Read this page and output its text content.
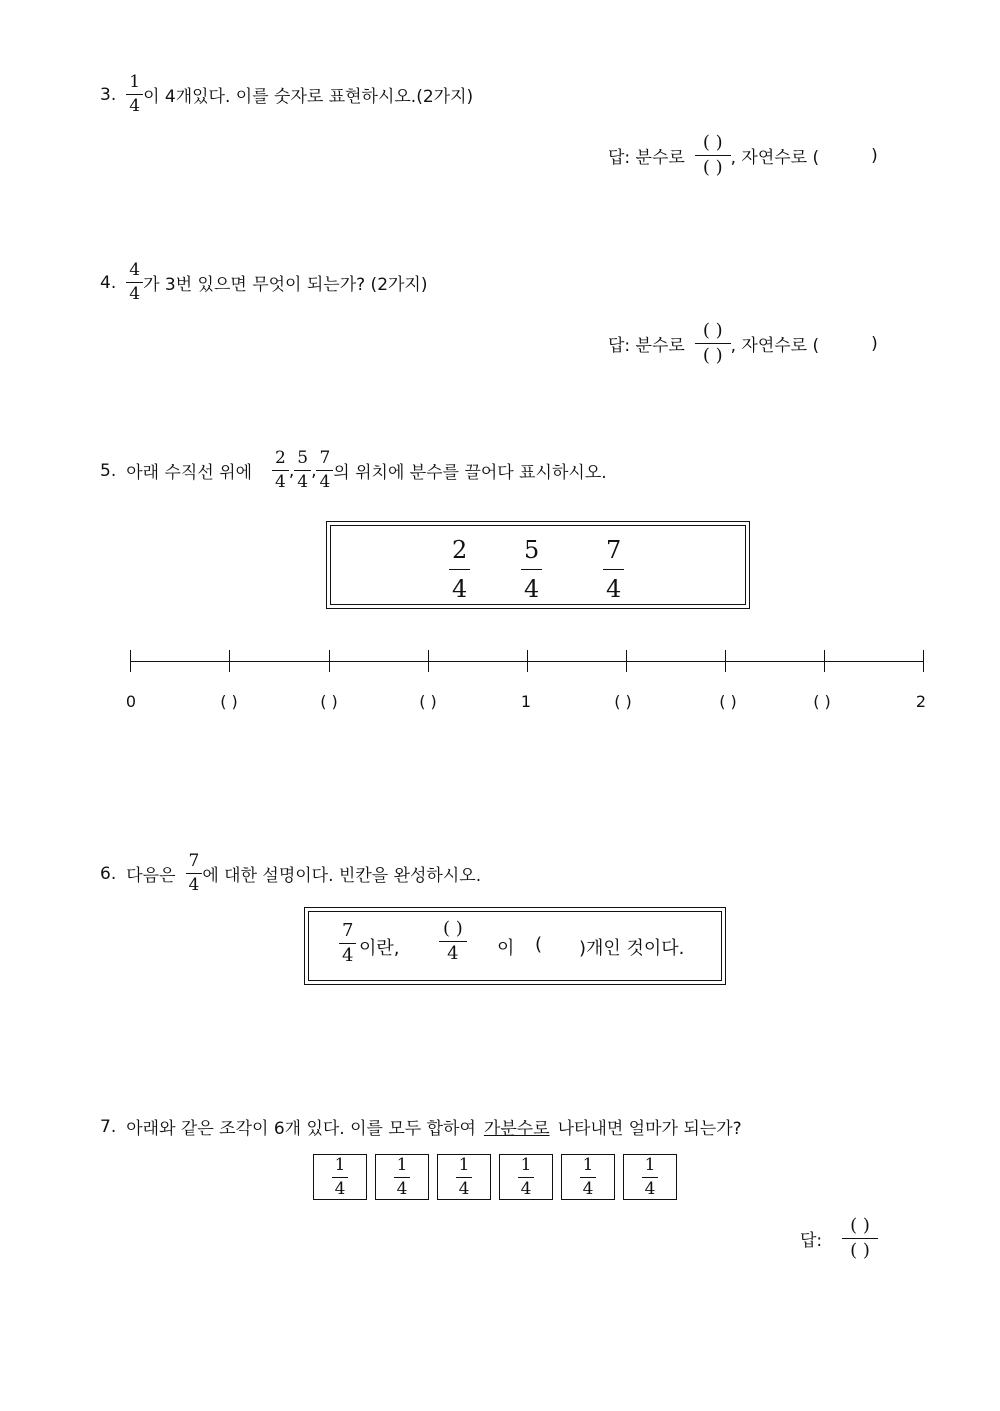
3. $\frac{1}{4}$ 이 4개있다. 이를 숫자로 표현하시오.(2가지)
답: 분수로 $\frac{( )}{( )}$ , 자연수로 (	)
4. $\frac{4}{4}$ 가 3번 있으면 무엇이 되는가? (2가지)
답: 분수로 $\frac{( )}{( )}$ , 자연수로 (	)
5. 아래 수직선 위에 $\frac{2}{4}$ , $\frac{5}{4}$ , $\frac{7}{4}$ 의 위치에 분수를 끌어다 표시하시오.
$\frac{2}{4} \frac{5}{4}$	$\frac{7}{4}$
0	( )	( )	( )	1	( )	( )	( )	2
6. 다음은 $\frac{7}{4}$ 에 대한 설명이다. 빈칸을 완성하시오.
$\frac{7}{4}$ 이란,
( )
4	이 ( )개인 것이다.
7. 아래와 같은 조각이 6개 있다. 이를 모두 합하여 가분수로 나타내면 얼마가 되는가?
$\frac{1}{4}$	$\frac{1}{4}$	$\frac{1}{4}$	$\frac{1}{4}$	$\frac{1}{4}$	$\frac{1}{4}$
답: $\frac{( )}{( )}$
